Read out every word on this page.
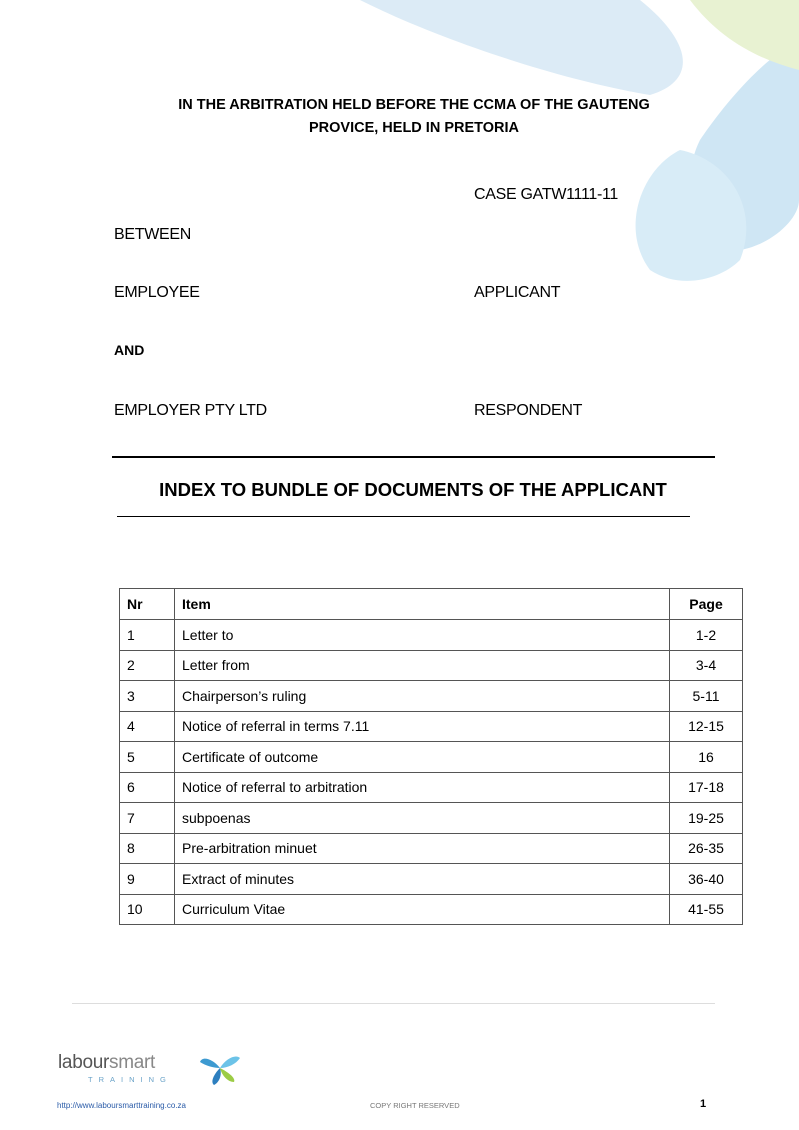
IN THE ARBITRATION HELD BEFORE THE CCMA OF THE GAUTENG
PROVICE, HELD IN PRETORIA
CASE GATW1111-11
BETWEEN
EMPLOYEE	APPLICANT
AND
EMPLOYER PTY LTD	RESPONDENT
INDEX TO BUNDLE OF DOCUMENTS OF THE APPLICANT
Nr	Item	Page
1	Letter to	1-2
2	Letter from	3-4
3	Chairperson’s ruling	5-11
4	Notice of referral in terms 7.11	12-15
5	Certificate of outcome	16
6	Notice of referral to arbitration	17-18
7	subpoenas	19-25
8	Pre-arbitration minuet	26-35
9	Extract of minutes	36-40
10	Curriculum Vitae	41-55
laboursmart
TRAINING
http://www.laboursmarttraining.co.za	COPY RIGHT RESERVED	1
